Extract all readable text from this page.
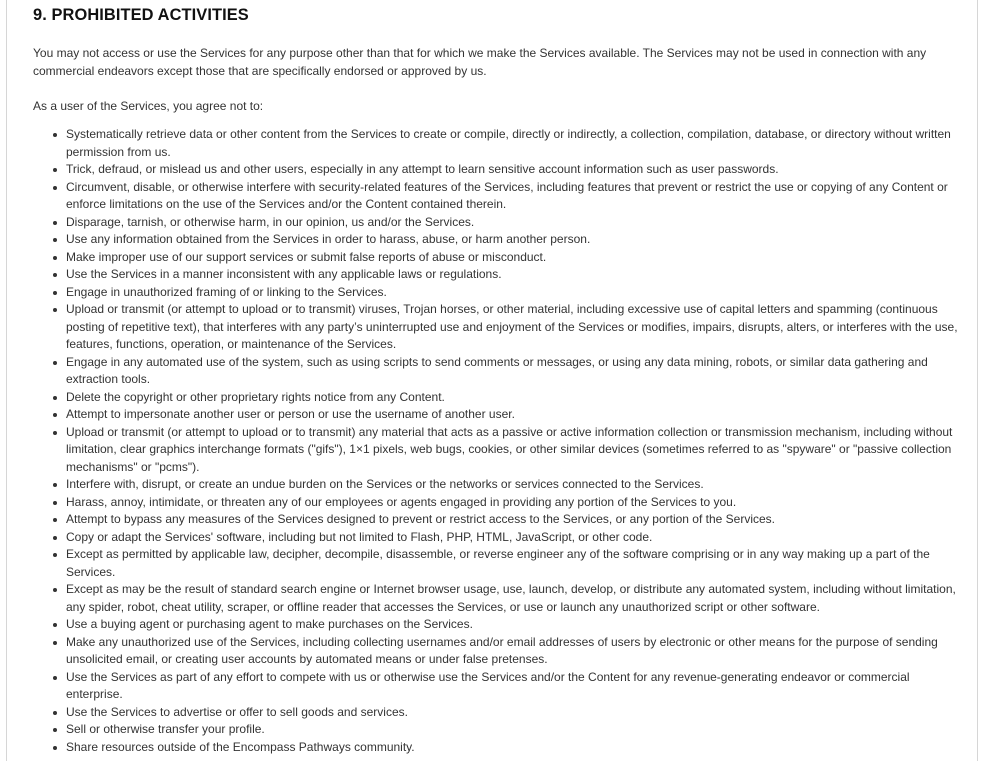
9. PROHIBITED ACTIVITIES

You may not access or use the Services for any purpose other than that for which we make the Services available. The Services may not be used in connection with any commercial endeavors except those that are specifically endorsed or approved by us.

As a user of the Services, you agree not to:

Systematically retrieve data or other content from the Services to create or compile, directly or indirectly, a collection, compilation, database, or directory without written permission from us.
Trick, defraud, or mislead us and other users, especially in any attempt to learn sensitive account information such as user passwords.
Circumvent, disable, or otherwise interfere with security-related features of the Services, including features that prevent or restrict the use or copying of any Content or enforce limitations on the use of the Services and/or the Content contained therein.
Disparage, tarnish, or otherwise harm, in our opinion, us and/or the Services.
Use any information obtained from the Services in order to harass, abuse, or harm another person.
Make improper use of our support services or submit false reports of abuse or misconduct.
Use the Services in a manner inconsistent with any applicable laws or regulations.
Engage in unauthorized framing of or linking to the Services.
Upload or transmit (or attempt to upload or to transmit) viruses, Trojan horses, or other material, including excessive use of capital letters and spamming (continuous posting of repetitive text), that interferes with any party’s uninterrupted use and enjoyment of the Services or modifies, impairs, disrupts, alters, or interferes with the use, features, functions, operation, or maintenance of the Services.
Engage in any automated use of the system, such as using scripts to send comments or messages, or using any data mining, robots, or similar data gathering and extraction tools.
Delete the copyright or other proprietary rights notice from any Content.
Attempt to impersonate another user or person or use the username of another user.
Upload or transmit (or attempt to upload or to transmit) any material that acts as a passive or active information collection or transmission mechanism, including without limitation, clear graphics interchange formats ("gifs"), 1×1 pixels, web bugs, cookies, or other similar devices (sometimes referred to as "spyware" or "passive collection mechanisms" or "pcms").
Interfere with, disrupt, or create an undue burden on the Services or the networks or services connected to the Services.
Harass, annoy, intimidate, or threaten any of our employees or agents engaged in providing any portion of the Services to you.
Attempt to bypass any measures of the Services designed to prevent or restrict access to the Services, or any portion of the Services.
Copy or adapt the Services' software, including but not limited to Flash, PHP, HTML, JavaScript, or other code.
Except as permitted by applicable law, decipher, decompile, disassemble, or reverse engineer any of the software comprising or in any way making up a part of the Services.
Except as may be the result of standard search engine or Internet browser usage, use, launch, develop, or distribute any automated system, including without limitation, any spider, robot, cheat utility, scraper, or offline reader that accesses the Services, or use or launch any unauthorized script or other software.
Use a buying agent or purchasing agent to make purchases on the Services.
Make any unauthorized use of the Services, including collecting usernames and/or email addresses of users by electronic or other means for the purpose of sending unsolicited email, or creating user accounts by automated means or under false pretenses.
Use the Services as part of any effort to compete with us or otherwise use the Services and/or the Content for any revenue-generating endeavor or commercial enterprise.
Use the Services to advertise or offer to sell goods and services.
Sell or otherwise transfer your profile.
Share resources outside of the Encompass Pathways community.
